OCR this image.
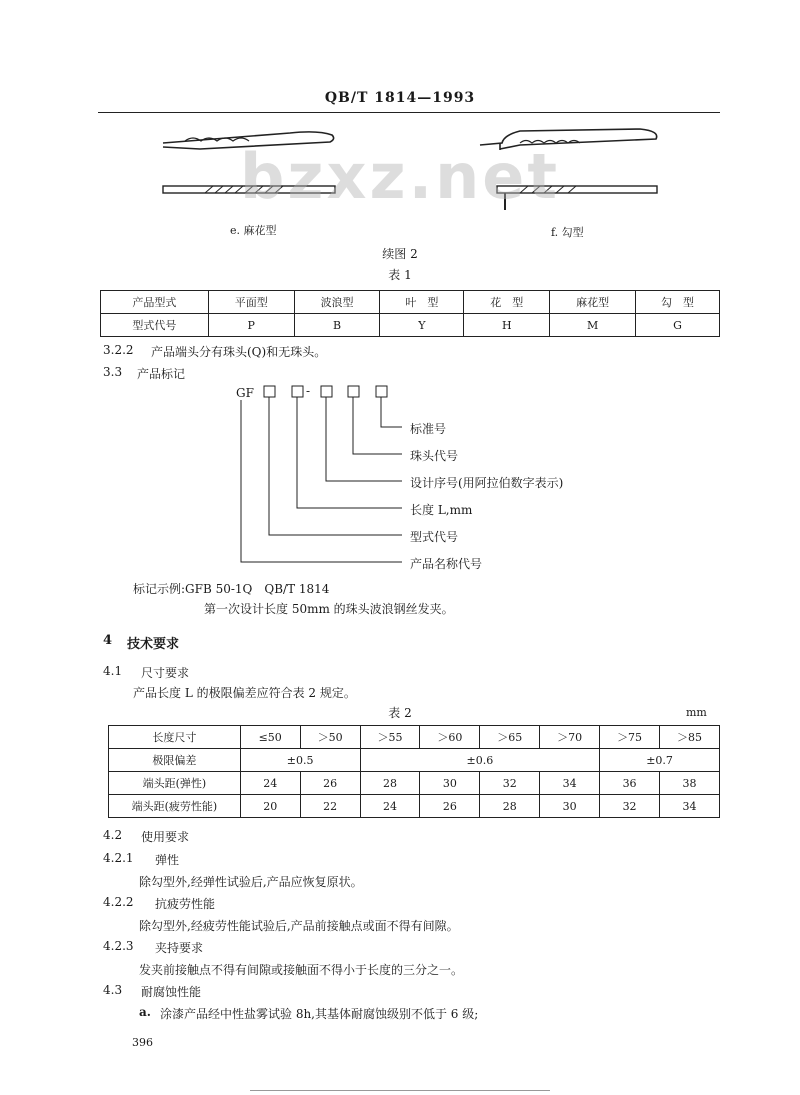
QB/T 1814—1993
bzxz.net
e. 麻花型	f. 勾型
续图 2
表 1
产品型式	平面型	波浪型	叶　型	花　型	麻花型	勾　型
型式代号	P	B	Y	H	M	G
3.2.2 产品端头分有珠头(Q)和无珠头。
3.3 产品标记
GF	-
标准号
珠头代号
设计序号(用阿拉伯数字表示)
长度 L,mm
型式代号
产品名称代号
标记示例:GFB 50-1Q　QB/T 1814
第一次设计长度 50mm 的珠头波浪钢丝发夹。
4 技术要求
4.1 尺寸要求
产品长度 L 的极限偏差应符合表 2 规定。
表 2	mm
长度尺寸	≤50	＞50	＞55	＞60	＞65	＞70	＞75	＞85
极限偏差	±0.5		±0.6				±0.7	
端头距(弹性)	24	26	28	30	32	34	36	38
端头距(疲劳性能)	20	22	24	26	28	30	32	34
4.2 使用要求
4.2.1 弹性
除勾型外,经弹性试验后,产品应恢复原状。
4.2.2 抗疲劳性能
除勾型外,经疲劳性能试验后,产品前接触点或面不得有间隙。
4.2.3 夹持要求
发夹前接触点不得有间隙或接触面不得小于长度的三分之一。
4.3 耐腐蚀性能
a. 涂漆产品经中性盐雾试验 8h,其基体耐腐蚀级别不低于 6 级;
396
